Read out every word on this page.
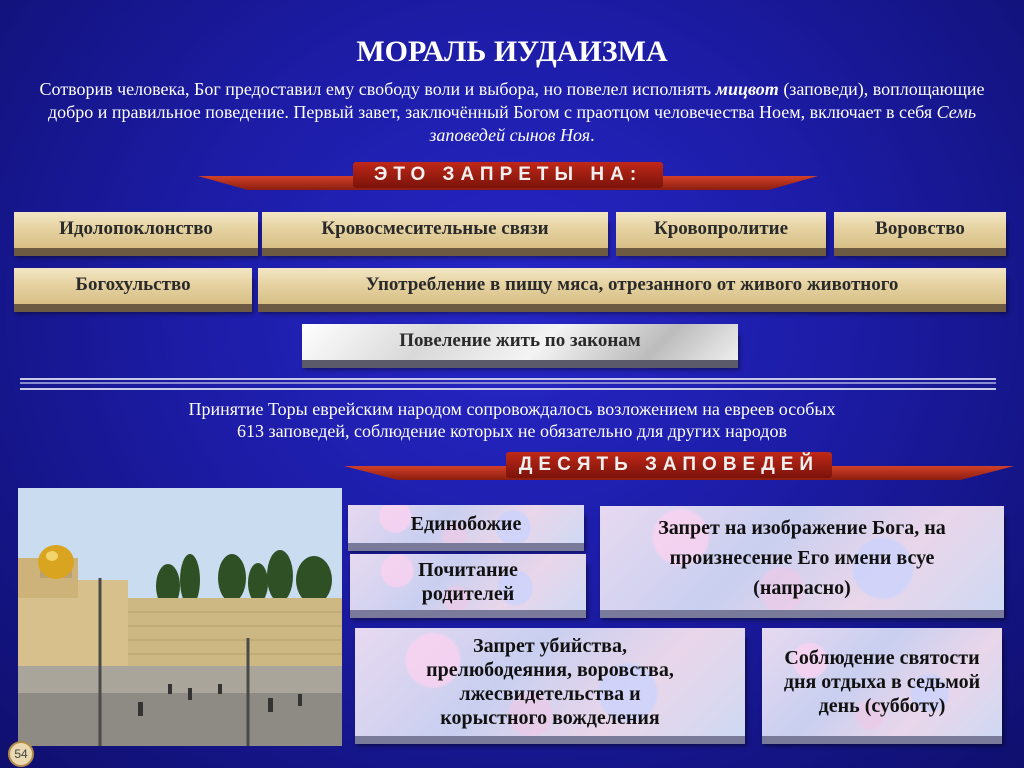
МОРАЛЬ ИУДАИЗМА
Сотворив человека, Бог предоставил ему свободу воли и выбора, но повелел исполнять мицвот (заповеди), воплощающие добро и правильное поведение. Первый завет, заключённый Богом с праотцом человечества Ноем, включает в себя Семь заповедей сынов Ноя.
ЭТО ЗАПРЕТЫ НА:
Идолопоклонство	Кровосмесительные связи	Кровопролитие	Воровство
Богохульство	Употребление в пищу мяса, отрезанного от живого животного
Повеление жить по законам
Принятие Торы еврейским народом сопровождалось возложением на евреев особых
613 заповедей, соблюдение которых не обязательно для других народов
ДЕСЯТЬ ЗАПОВЕДЕЙ
Единобожие
Почитание родителей
Запрет на изображение Бога, на произнесение Его имени всуе (напрасно)
Запрет убийства, прелюбодеяния, воровства, лжесвидетельства и корыстного вожделения
Соблюдение святости дня отдыха в седьмой день (субботу)
54
